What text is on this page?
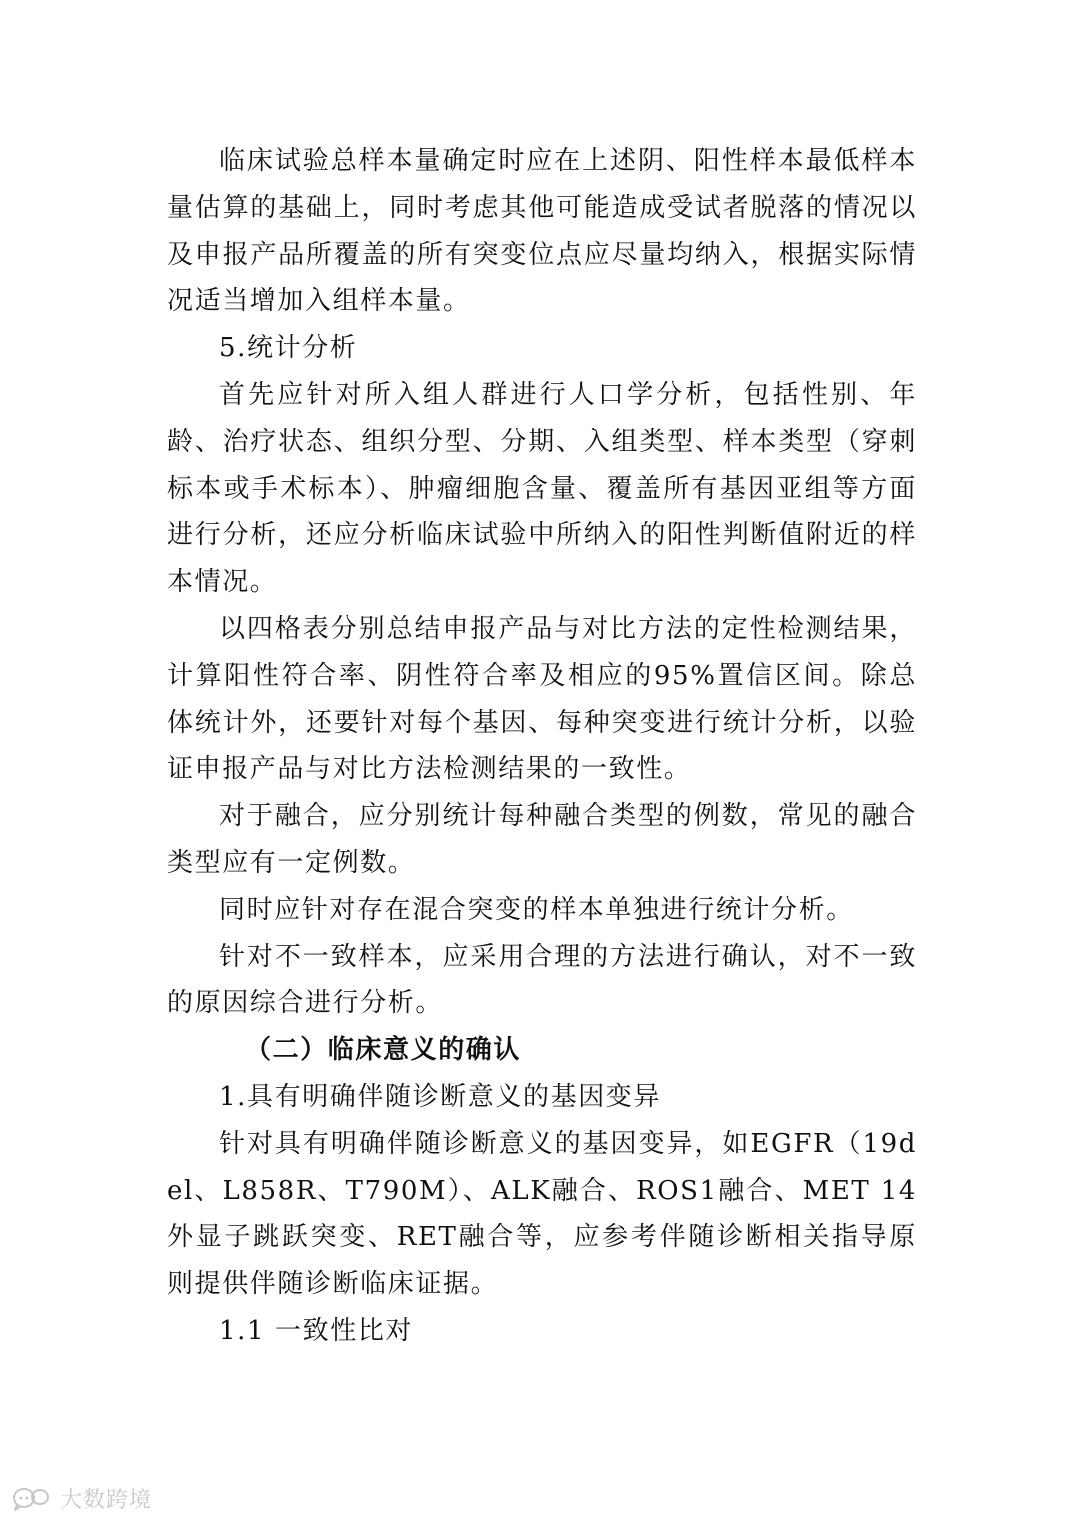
临床试验总样本量确定时应在上述阴、阳性样本最低样本量估算的基础上，同时考虑其他可能造成受试者脱落的情况以及申报产品所覆盖的所有突变位点应尽量均纳入，根据实际情况适当增加入组样本量。

5.统计分析

首先应针对所入组人群进行人口学分析，包括性别、年龄、治疗状态、组织分型、分期、入组类型、样本类型（穿刺标本或手术标本）、肿瘤细胞含量、覆盖所有基因亚组等方面进行分析，还应分析临床试验中所纳入的阳性判断值附近的样本情况。

以四格表分别总结申报产品与对比方法的定性检测结果，计算阳性符合率、阴性符合率及相应的95%置信区间。除总体统计外，还要针对每个基因、每种突变进行统计分析，以验证申报产品与对比方法检测结果的一致性。

对于融合，应分别统计每种融合类型的例数，常见的融合类型应有一定例数。

同时应针对存在混合突变的样本单独进行统计分析。

针对不一致样本，应采用合理的方法进行确认，对不一致的原因综合进行分析。

（二）临床意义的确认

1.具有明确伴随诊断意义的基因变异

针对具有明确伴随诊断意义的基因变异，如EGFR（19del、L858R、T790M）、ALK融合、ROS1融合、MET 14外显子跳跃突变、RET融合等，应参考伴随诊断相关指导原则提供伴随诊断临床证据。

1.1 一致性比对

大数跨境
